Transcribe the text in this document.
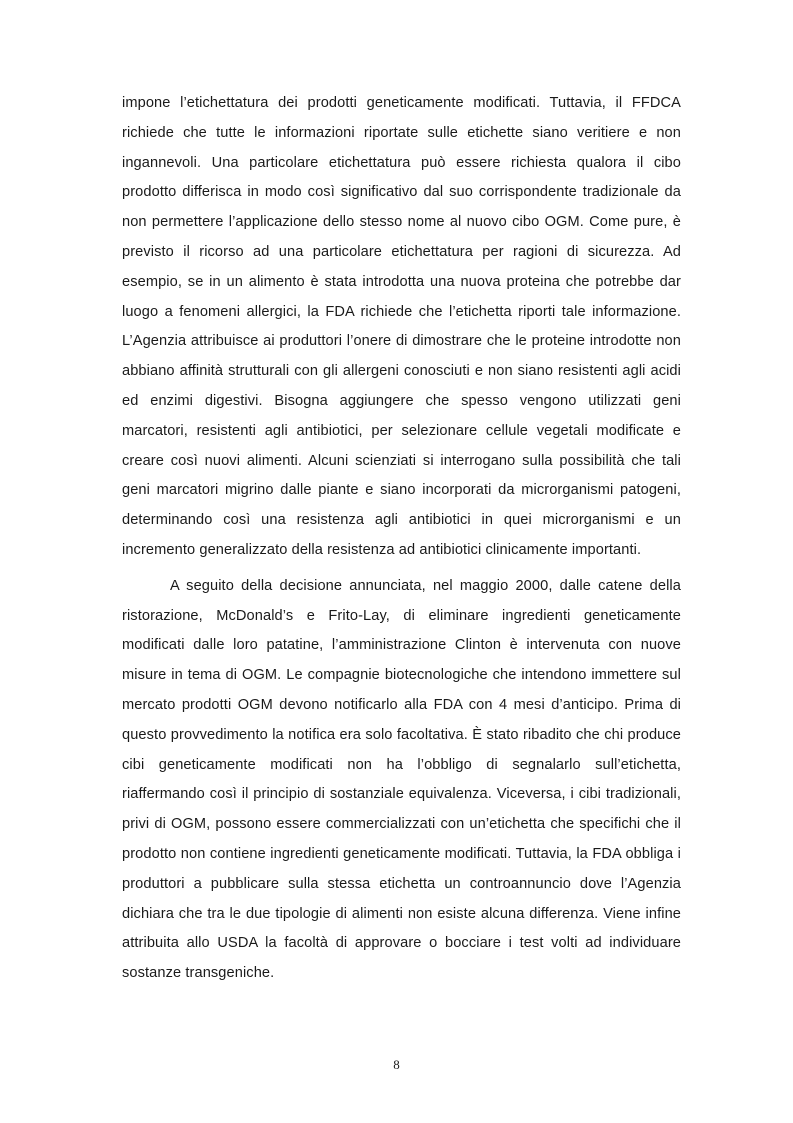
impone l’etichettatura dei prodotti geneticamente modificati. Tuttavia, il FFDCA richiede che tutte le informazioni riportate sulle etichette siano veritiere e non ingannevoli. Una particolare etichettatura può essere richiesta qualora il cibo prodotto differisca in modo così significativo dal suo corrispondente tradizionale da non permettere l’applicazione dello stesso nome al nuovo cibo OGM. Come pure, è previsto il ricorso ad una particolare etichettatura per ragioni di sicurezza. Ad esempio, se in un alimento è stata introdotta una nuova proteina che potrebbe dar luogo a fenomeni allergici, la FDA richiede che l’etichetta riporti tale informazione. L’Agenzia attribuisce ai produttori l’onere di dimostrare che le proteine introdotte non abbiano affinità strutturali con gli allergeni conosciuti e non siano resistenti agli acidi ed enzimi digestivi. Bisogna aggiungere che spesso vengono utilizzati geni marcatori, resistenti agli antibiotici, per selezionare cellule vegetali modificate e creare così nuovi alimenti. Alcuni scienziati si interrogano sulla possibilità che tali geni marcatori migrino dalle piante e siano incorporati da microrganismi patogeni, determinando così una resistenza agli antibiotici in quei microrganismi e un incremento generalizzato della resistenza ad antibiotici clinicamente importanti.

A seguito della decisione annunciata, nel maggio 2000, dalle catene della ristorazione, McDonald’s e Frito-Lay, di eliminare ingredienti geneticamente modificati dalle loro patatine, l’amministrazione Clinton è intervenuta con nuove misure in tema di OGM. Le compagnie biotecnologiche che intendono immettere sul mercato prodotti OGM devono notificarlo alla FDA con 4 mesi d’anticipo. Prima di questo provvedimento la notifica era solo facoltativa. È stato ribadito che chi produce cibi geneticamente modificati non ha l’obbligo di segnalarlo sull’etichetta, riaffermando così il principio di sostanziale equivalenza. Viceversa, i cibi tradizionali, privi di OGM, possono essere commercializzati con un’etichetta che specifichi che il prodotto non contiene ingredienti geneticamente modificati. Tuttavia, la FDA obbliga i produttori a pubblicare sulla stessa etichetta un controannuncio dove l’Agenzia dichiara che tra le due tipologie di alimenti non esiste alcuna differenza. Viene infine attribuita allo USDA la facoltà di approvare o bocciare i test volti ad individuare sostanze transgeniche.

8
